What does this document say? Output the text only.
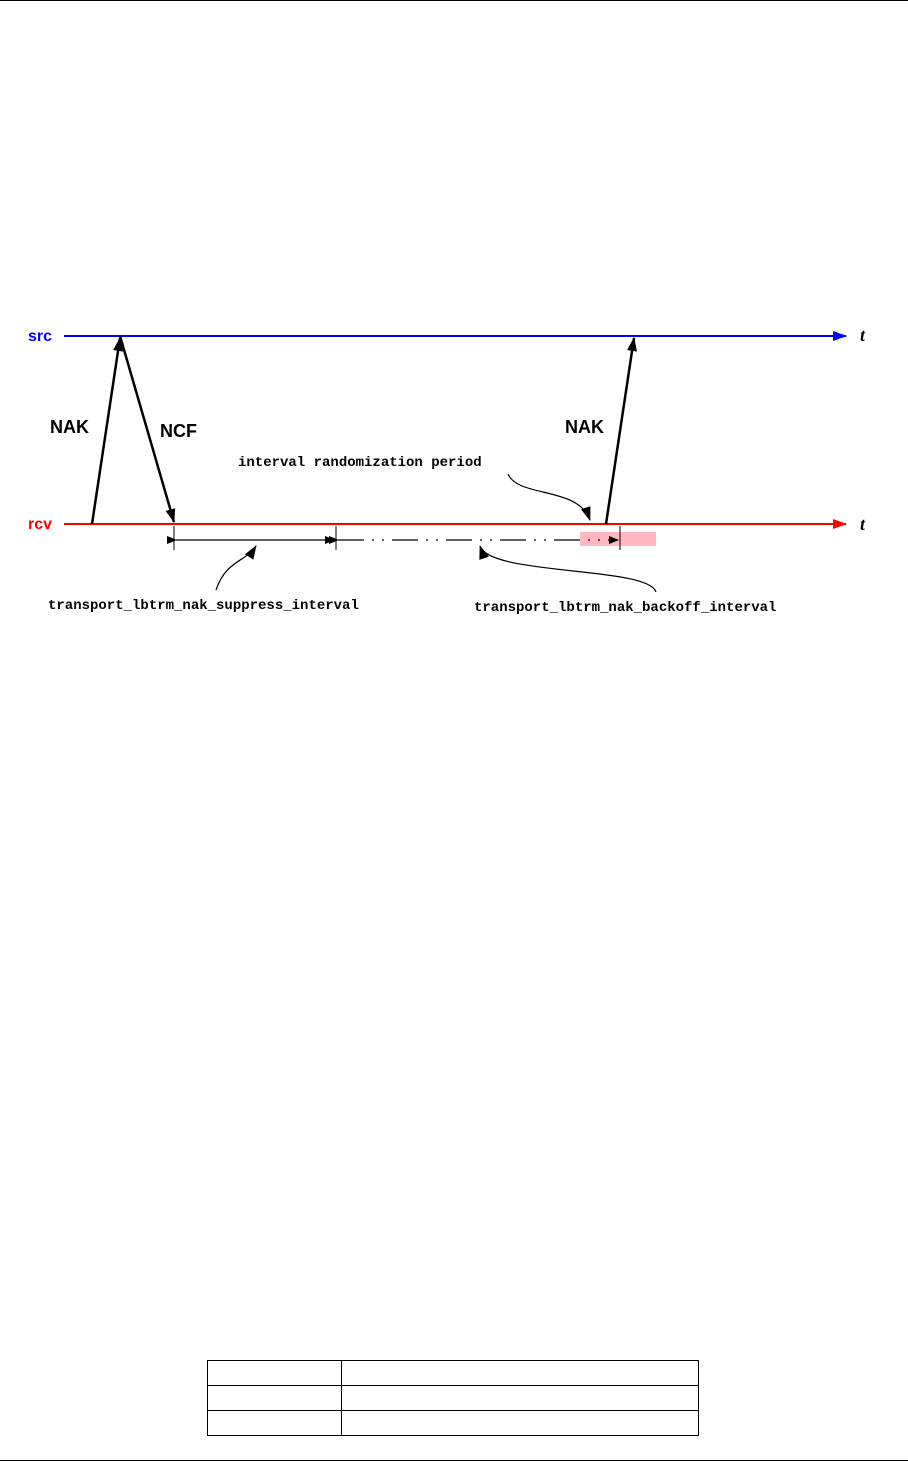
src	t
rcv	t
NAK	NCF	NAK
interval randomization period
transport_lbtrm_nak_suppress_interval	transport_lbtrm_nak_backoff_interval
